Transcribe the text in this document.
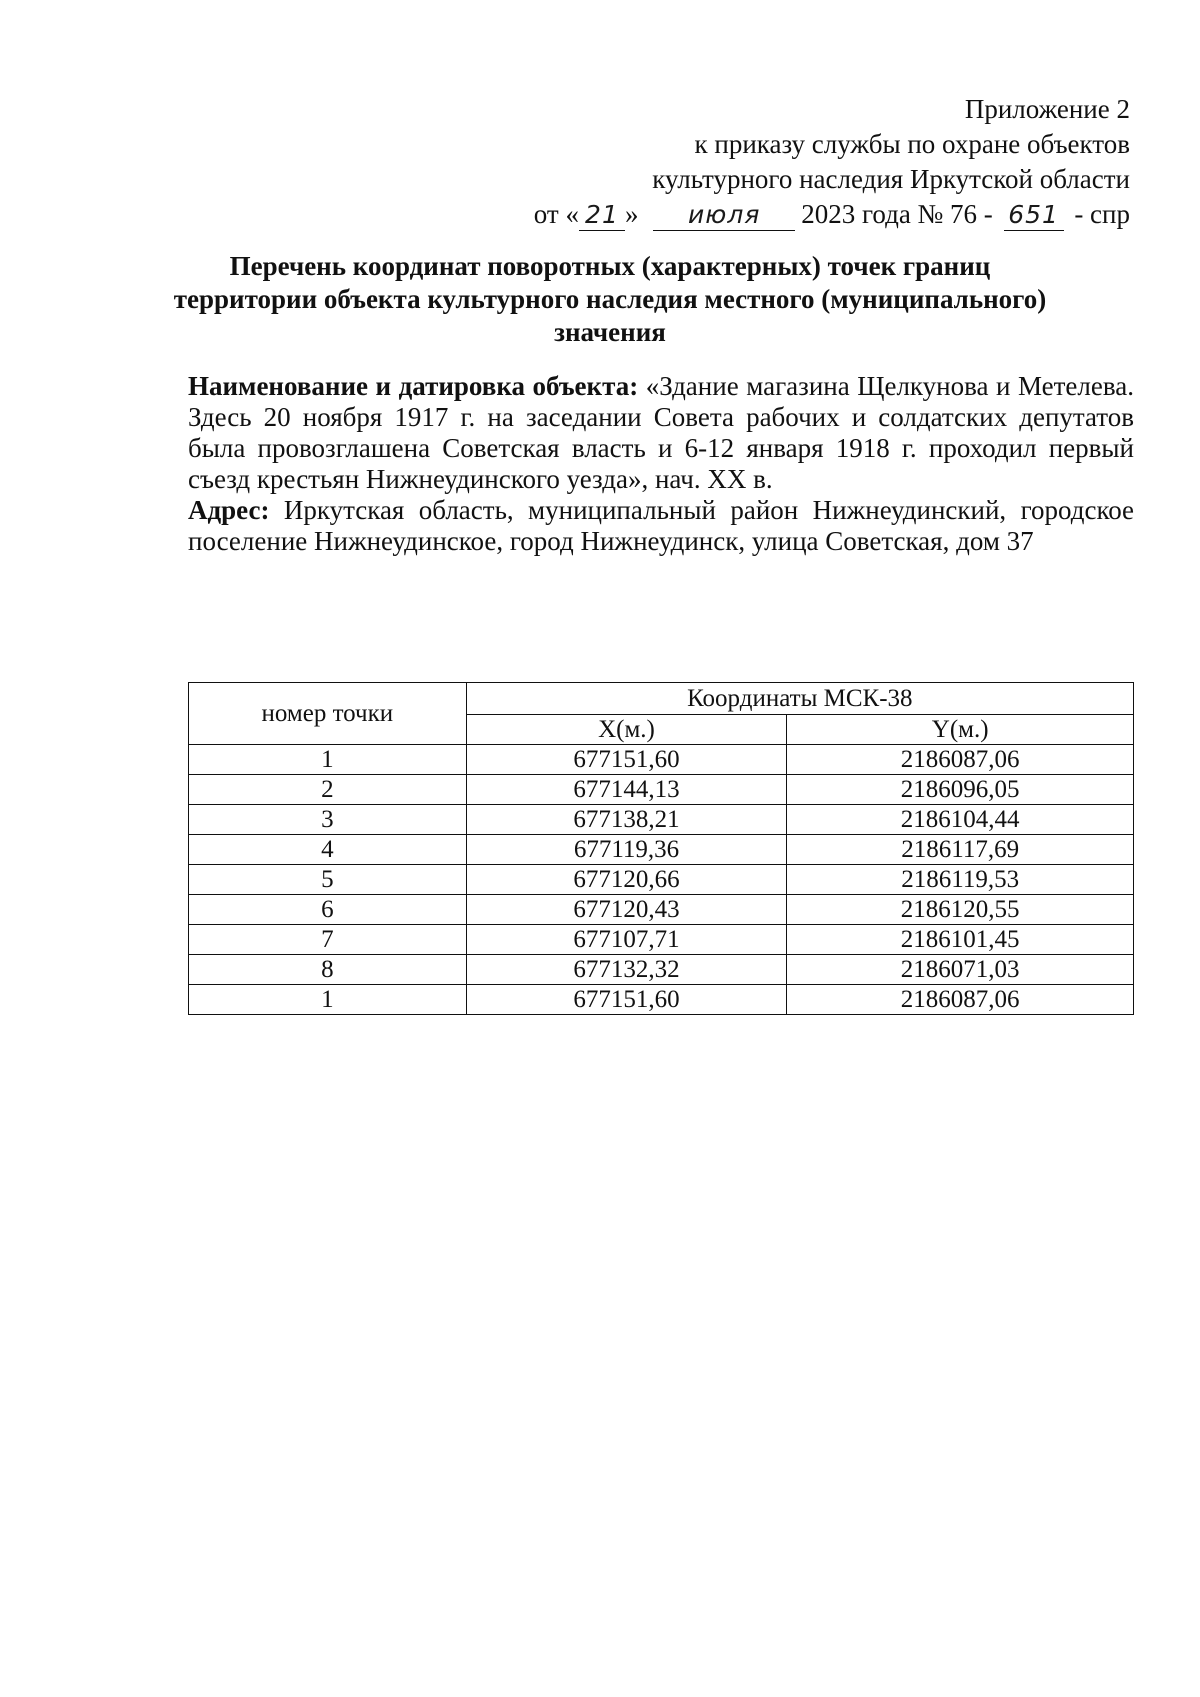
Приложение 2
к приказу службы по охране объектов
культурного наследия Иркутской области
от « 21 » июля 2023 года № 76 - 651 - спр
Перечень координат поворотных (характерных) точек границ
территории объекта культурного наследия местного (муниципального)
значения

Наименование и датировка объекта: «Здание магазина Щелкунова и Метелева. Здесь 20 ноября 1917 г. на заседании Совета рабочих и солдатских депутатов была провозглашена Советская власть и 6-12 января 1918 г. проходил первый съезд крестьян Нижнеудинского уезда», нач. XX в.

Адрес: Иркутская область, муниципальный район Нижнеудинский, городское поселение Нижнеудинское, город Нижнеудинск, улица Советская, дом 37

номер точки	Координаты МСК-38	
	X(м.)	Y(м.)
1	677151,60	2186087,06
2	677144,13	2186096,05
3	677138,21	2186104,44
4	677119,36	2186117,69
5	677120,66	2186119,53
6	677120,43	2186120,55
7	677107,71	2186101,45
8	677132,32	2186071,03
1	677151,60	2186087,06
